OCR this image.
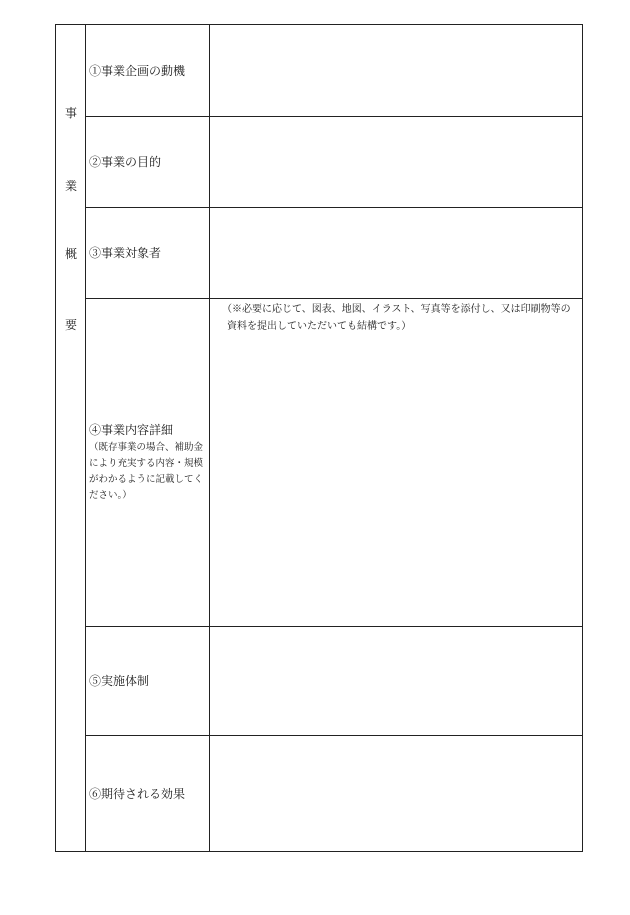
事
業
概
要
①事業企画の動機
②事業の目的
③事業対象者
④事業内容詳細
（既存事業の場合、補助金により充実する内容・規模がわかるように記載してください。）
（※必要に応じて、図表、地図、イラスト、写真等を添付し、又は印刷物等の資料を提出していただいても結構です。）
⑤実施体制
⑥期待される効果
